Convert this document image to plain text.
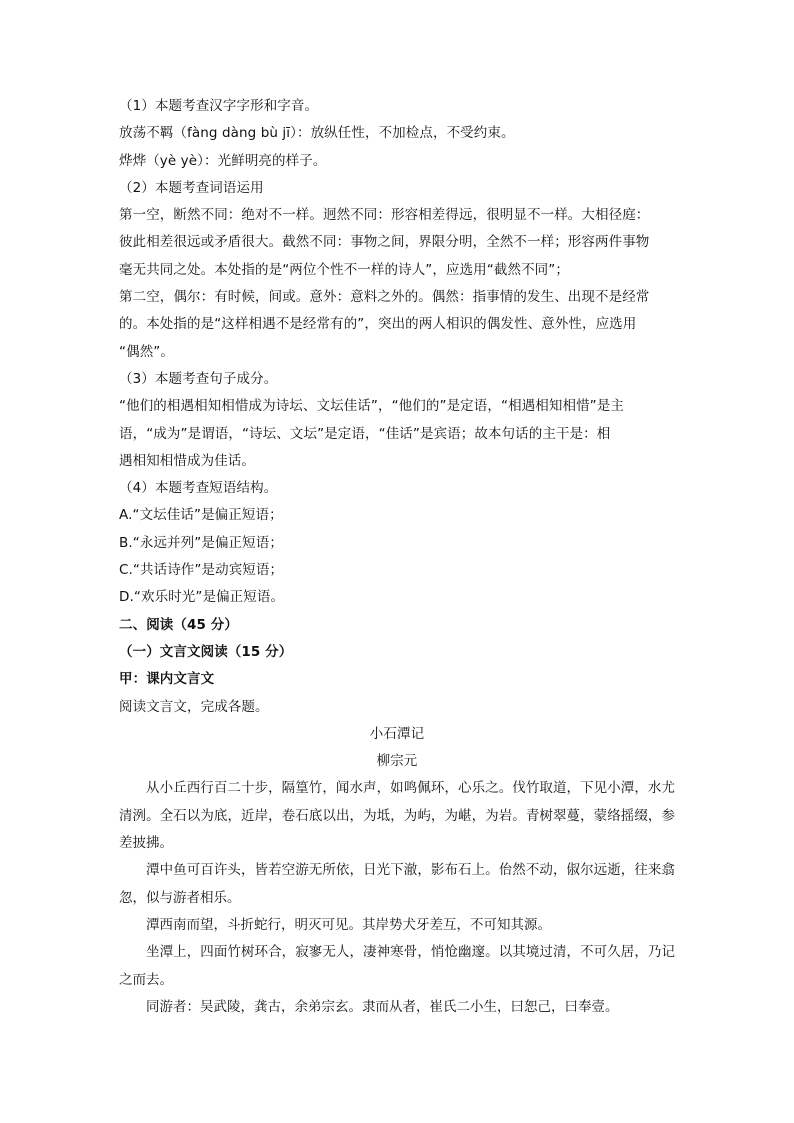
（1）本题考查汉字字形和字音。
放荡不羁（fàng dàng bù jī）：放纵任性，不加检点，不受约束。
烨烨（yè yè）：光鲜明亮的样子。
（2）本题考查词语运用
第一空，断然不同：绝对不一样。迥然不同：形容相差得远，很明显不一样。大相径庭：
彼此相差很远或矛盾很大。截然不同：事物之间，界限分明，全然不一样；形容两件事物
毫无共同之处。本处指的是“两位个性不一样的诗人”，应选用“截然不同”；
第二空，偶尔：有时候，间或。意外：意料之外的。偶然：指事情的发生、出现不是经常
的。本处指的是“这样相遇不是经常有的”，突出的两人相识的偶发性、意外性，应选用
“偶然”。
（3）本题考查句子成分。
“他们的相遇相知相惜成为诗坛、文坛佳话”，“他们的”是定语，“相遇相知相惜”是主
语，“成为”是谓语，“诗坛、文坛”是定语，“佳话”是宾语；故本句话的主干是：相
遇相知相惜成为佳话。
（4）本题考查短语结构。
A.“文坛佳话”是偏正短语；
B.“永远并列”是偏正短语；
C.“共话诗作”是动宾短语；
D.“欢乐时光”是偏正短语。
二、阅读（45 分）
（一）文言文阅读（15 分）
甲：课内文言文
阅读文言文，完成各题。
小石潭记
柳宗元
从小丘西行百二十步，隔篁竹，闻水声，如鸣佩环，心乐之。伐竹取道，下见小潭，水尤清洌。全石以为底，近岸，卷石底以出，为坻，为屿，为嵁，为岩。青树翠蔓，蒙络摇缀，参差披拂。
潭中鱼可百许头，皆若空游无所依，日光下澈，影布石上。佁然不动，俶尔远逝，往来翕忽，似与游者相乐。
潭西南而望，斗折蛇行，明灭可见。其岸势犬牙差互，不可知其源。
坐潭上，四面竹树环合，寂寥无人，凄神寒骨，悄怆幽邃。以其境过清，不可久居，乃记之而去。
同游者：吴武陵，龚古，余弟宗玄。隶而从者，崔氏二小生，曰恕己，曰奉壹。
